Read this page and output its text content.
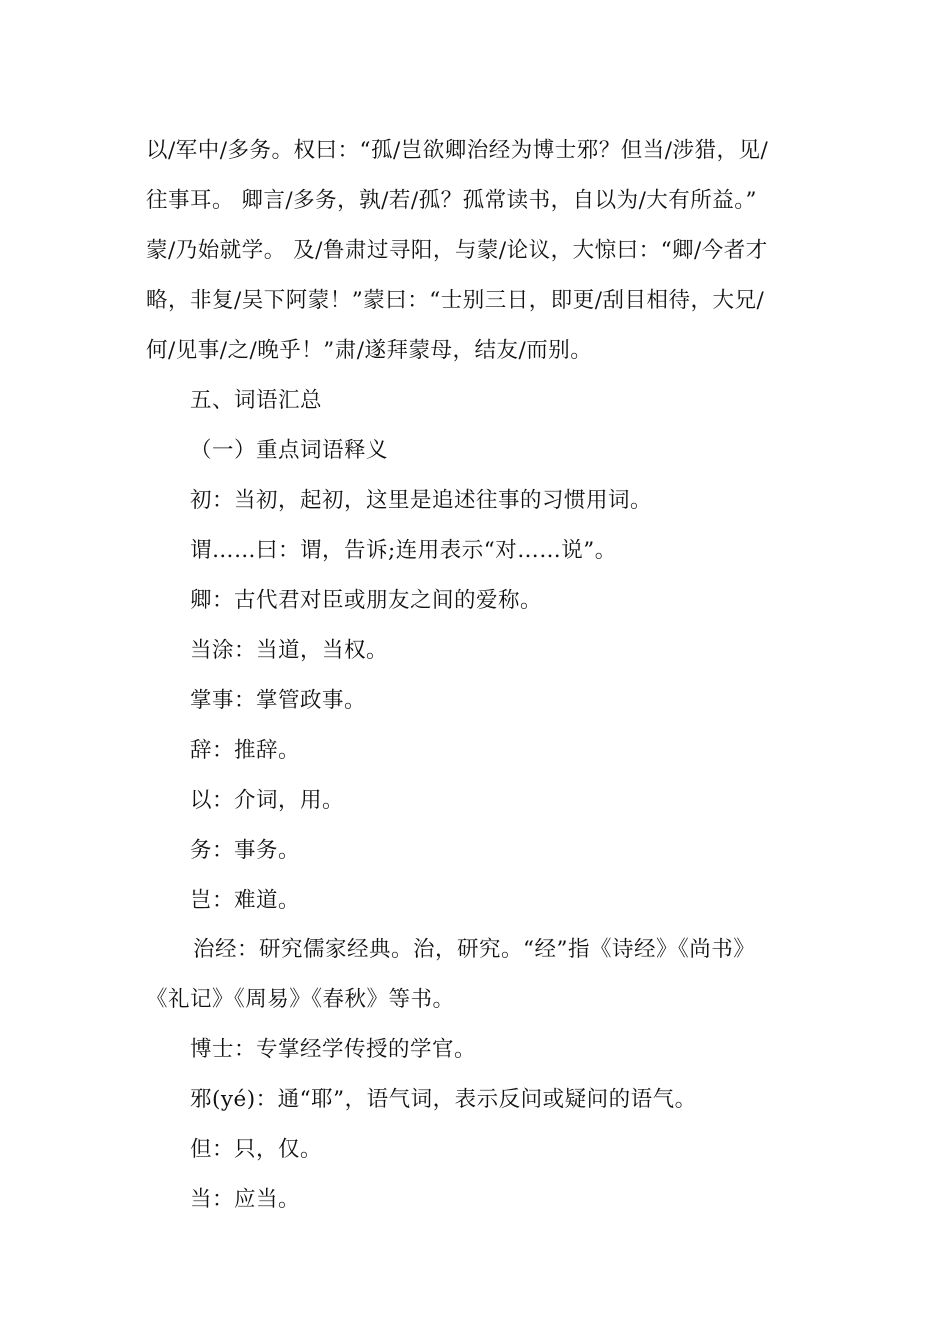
以/军中/多务。权曰：“孤/岂欲卿治经为博士邪？但当/涉猎，见/
往事耳。 卿言/多务，孰/若/孤？孤常读书，自以为/大有所益。”
蒙/乃始就学。 及/鲁肃过寻阳，与蒙/论议，大惊曰：“卿/今者才
略，非复/吴下阿蒙！”蒙曰：“士别三日，即更/刮目相待，大兄/
何/见事/之/晚乎！”肃/遂拜蒙母，结友/而别。
五、词语汇总
（一）重点词语释义
初：当初，起初，这里是追述往事的习惯用词。
谓……曰：谓，告诉;连用表示“对……说”。
卿：古代君对臣或朋友之间的爱称。
当涂：当道，当权。
掌事：掌管政事。
辞：推辞。
以：介词，用。
务：事务。
岂：难道。
治经：研究儒家经典。治，研究。“经”指《诗经》《尚书》
《礼记》《周易》《春秋》等书。
博士：专掌经学传授的学官。
邪(yé)：通“耶”，语气词，表示反问或疑问的语气。
但：只，仅。
当：应当。
